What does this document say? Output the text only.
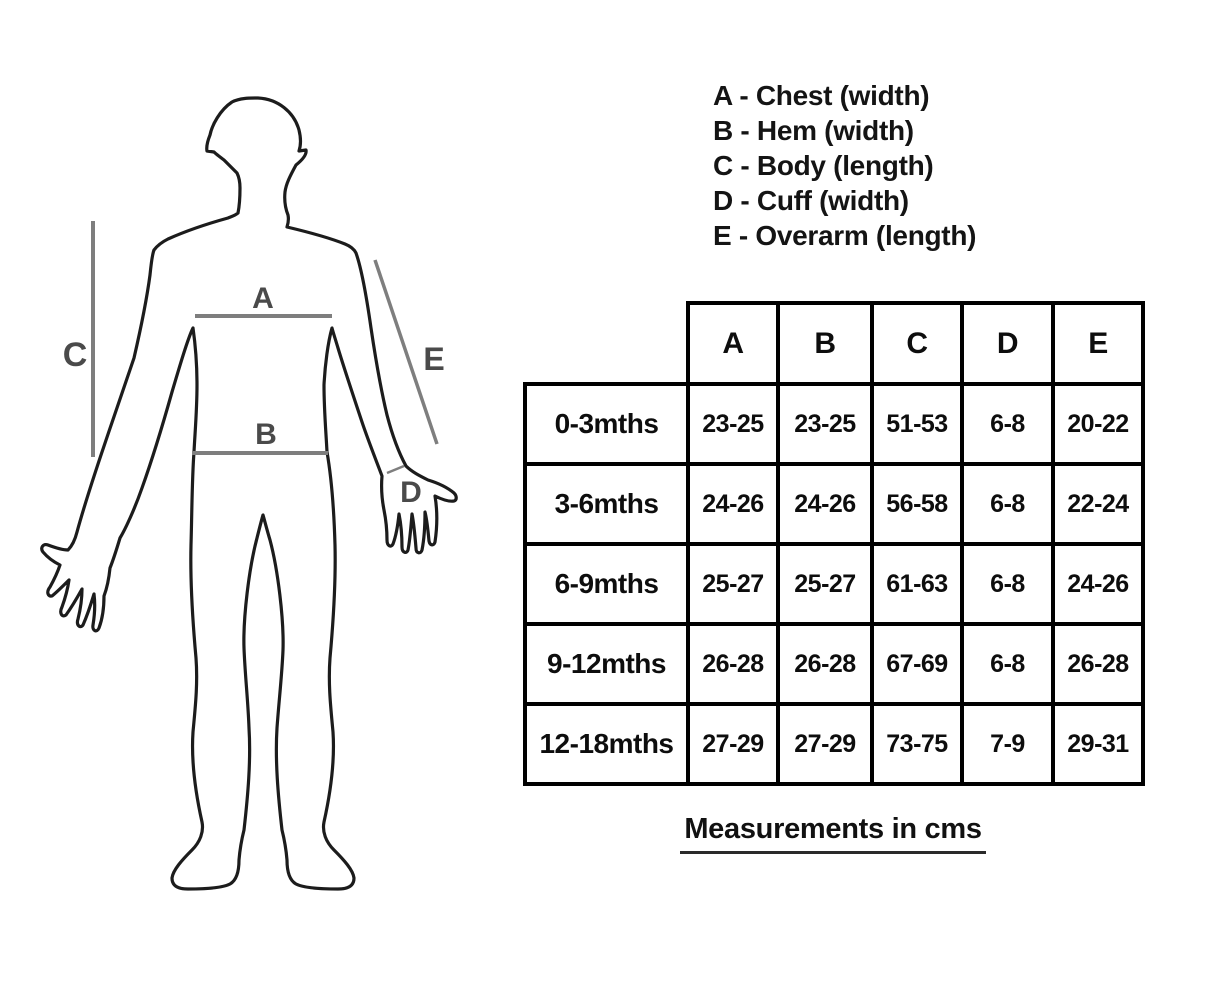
A
B
C
D
E
A - Chest (width)
B - Hem (width)
C - Body (length)
D - Cuff (width)
E - Overarm (length)
	A	B	C	D	E
0-3mths	23-25	23-25	51-53	6-8	20-22
3-6mths	24-26	24-26	56-58	6-8	22-24
6-9mths	25-27	25-27	61-63	6-8	24-26
9-12mths	26-28	26-28	67-69	6-8	26-28
12-18mths	27-29	27-29	73-75	7-9	29-31
Measurements in cms
